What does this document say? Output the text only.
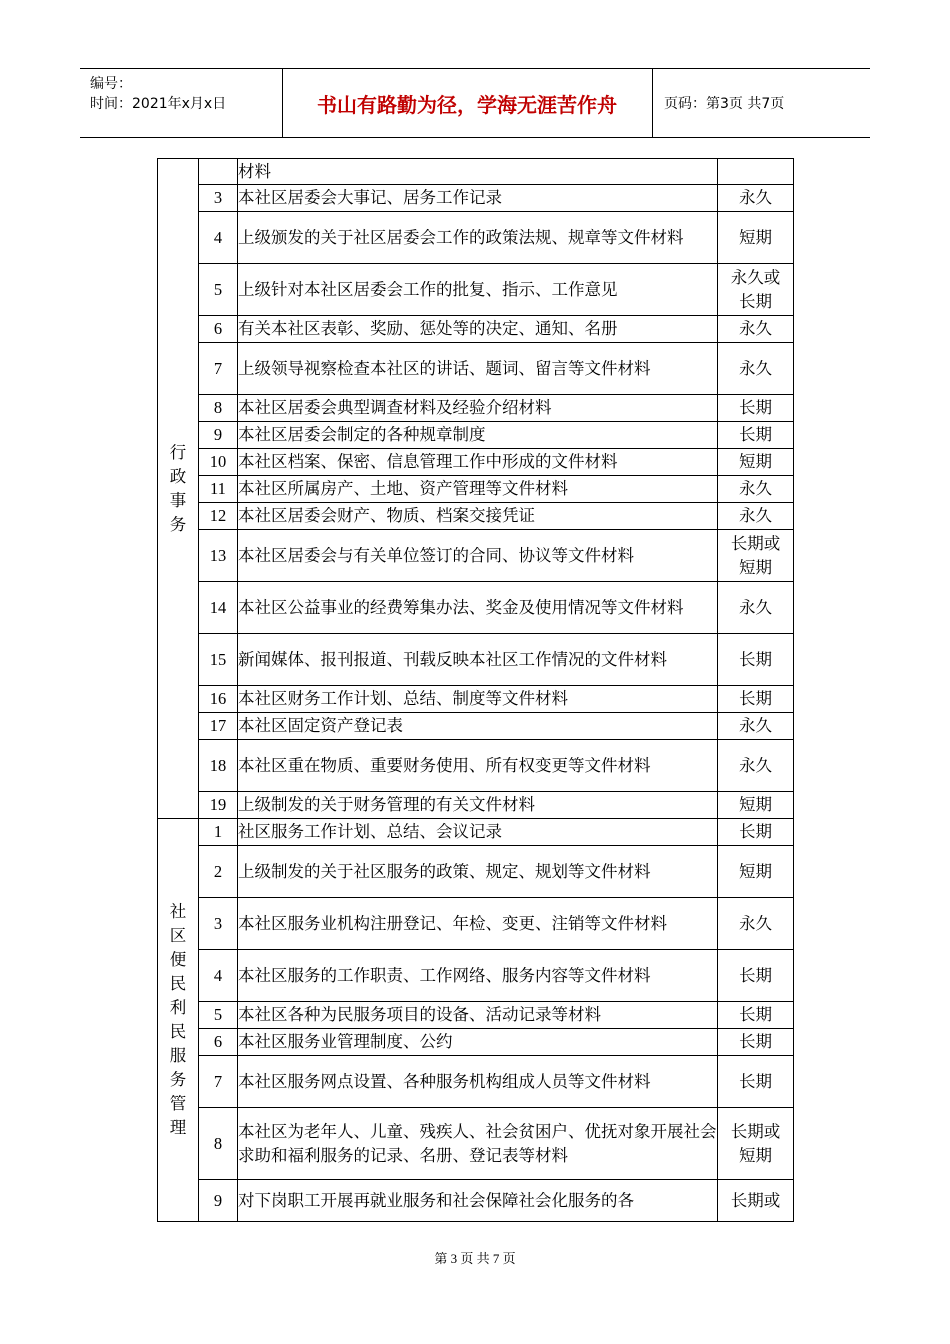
编号：
时间：2021年x月x日	书山有路勤为径，学海无涯苦作舟	页码：第3页 共7页
行政事务		材料	
	3	本社区居委会大事记、居务工作记录	永久
	4	上级颁发的关于社区居委会工作的政策法规、规章等文件材料	短期
	5	上级针对本社区居委会工作的批复、指示、工作意见	永久或长期
	6	有关本社区表彰、奖励、惩处等的决定、通知、名册	永久
	7	上级领导视察检查本社区的讲话、题词、留言等文件材料	永久
	8	本社区居委会典型调查材料及经验介绍材料	长期
	9	本社区居委会制定的各种规章制度	长期
	10	本社区档案、保密、信息管理工作中形成的文件材料	短期
	11	本社区所属房产、土地、资产管理等文件材料	永久
	12	本社区居委会财产、物质、档案交接凭证	永久
	13	本社区居委会与有关单位签订的合同、协议等文件材料	长期或短期
	14	本社区公益事业的经费筹集办法、奖金及使用情况等文件材料	永久
	15	新闻媒体、报刊报道、刊载反映本社区工作情况的文件材料	长期
	16	本社区财务工作计划、总结、制度等文件材料	长期
	17	本社区固定资产登记表	永久
	18	本社区重在物质、重要财务使用、所有权变更等文件材料	永久
	19	上级制发的关于财务管理的有关文件材料	短期
社区便民利民服务管理	1	社区服务工作计划、总结、会议记录	长期
	2	上级制发的关于社区服务的政策、规定、规划等文件材料	短期
	3	本社区服务业机构注册登记、年检、变更、注销等文件材料	永久
	4	本社区服务的工作职责、工作网络、服务内容等文件材料	长期
	5	本社区各种为民服务项目的设备、活动记录等材料	长期
	6	本社区服务业管理制度、公约	长期
	7	本社区服务网点设置、各种服务机构组成人员等文件材料	长期
	8	本社区为老年人、儿童、残疾人、社会贫困户、优抚对象开展社会求助和福利服务的记录、名册、登记表等材料	长期或短期
	9	对下岗职工开展再就业服务和社会保障社会化服务的各	长期或
第 3 页 共 7 页
